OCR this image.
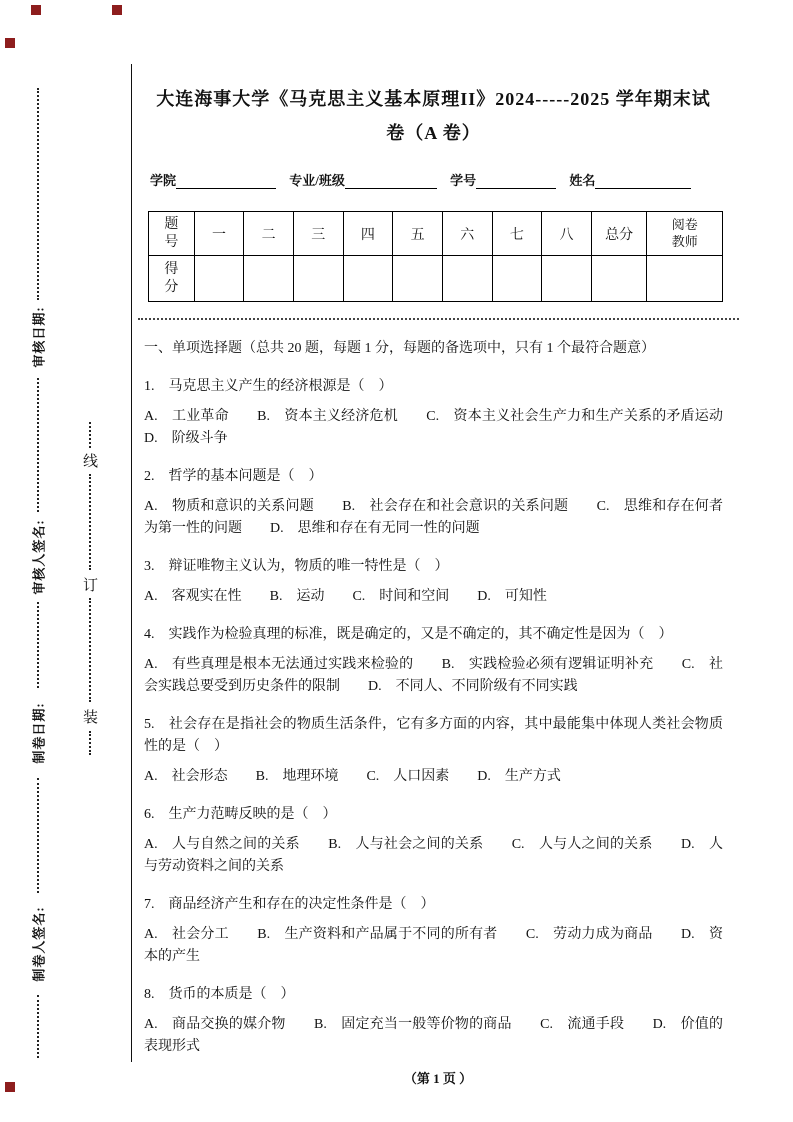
审核日期:
审核人签名:
制卷日期:
制卷人签名:
线
订
装
大连海事大学《马克思主义基本原理II》2024-----2025 学年期末试
卷（A 卷）
学院	专业/班级	学号	姓名
题号	一	二	三	四	五	六	七	八	总分	阅卷教师
得分										
一、单项选择题（总共 20 题，每题 1 分，每题的备选项中，只有 1 个最符合题意）
1.　马克思主义产生的经济根源是（　）
A.　工业革命　　B.　资本主义经济危机　　C.　资本主义社会生产力和生产关系的矛盾运动　D.　阶级斗争
2.　哲学的基本问题是（　）
A.　物质和意识的关系问题　　B.　社会存在和社会意识的关系问题　　C.　思维和存在何者为第一性的问题　　D.　思维和存在有无同一性的问题
3.　辩证唯物主义认为，物质的唯一特性是（　）
A.　客观实在性　　B.　运动　　C.　时间和空间　　D.　可知性
4.　实践作为检验真理的标准，既是确定的，又是不确定的，其不确定性是因为（　）
A.　有些真理是根本无法通过实践来检验的　　B.　实践检验必须有逻辑证明补充　　C.　社会实践总要受到历史条件的限制　　D.　不同人、不同阶级有不同实践
5.　社会存在是指社会的物质生活条件，它有多方面的内容，其中最能集中体现人类社会物质性的是（　）
A.　社会形态　　B.　地理环境　　C.　人口因素　　D.　生产方式
6.　生产力范畴反映的是（　）
A.　人与自然之间的关系　　B.　人与社会之间的关系　　C.　人与人之间的关系　　D.　人与劳动资料之间的关系
7.　商品经济产生和存在的决定性条件是（　）
A.　社会分工　　B.　生产资料和产品属于不同的所有者　　C.　劳动力成为商品　　D.　资本的产生
8.　货币的本质是（　）
A.　商品交换的媒介物　　B.　固定充当一般等价物的商品　　C.　流通手段　　D.　价值的表现形式
（第 1 页 ）
